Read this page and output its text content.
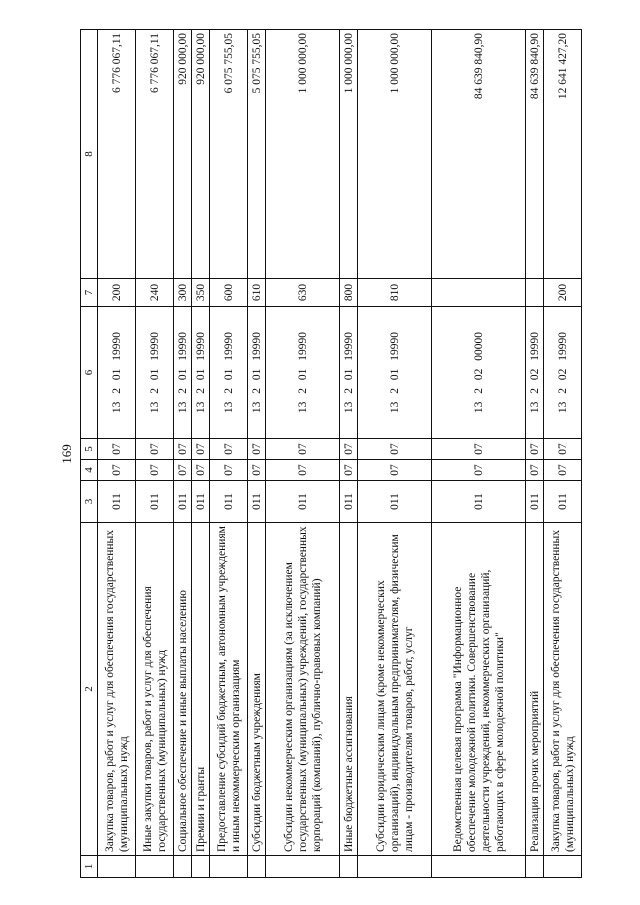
169
1	2	3	4	5	6	7	8
	Закупка товаров, работ и услуг для обеспечения государственных (муниципальных) нужд	011	07	07	13 2 01 19990	200	6 776 067,11
	Иные закупки товаров, работ и услуг для обеспечения государственных (муниципальных) нужд	011	07	07	13 2 01 19990	240	6 776 067,11
	Социальное обеспечение и иные выплаты населению	011	07	07	13 2 01 19990	300	920 000,00
	Премии и гранты	011	07	07	13 2 01 19990	350	920 000,00
	Предоставление субсидий бюджетным, автономным учреждениям и иным некоммерческим организациям	011	07	07	13 2 01 19990	600	6 075 755,05
	Субсидии бюджетным учреждениям	011	07	07	13 2 01 19990	610	5 075 755,05
	Субсидии некоммерческим организациям (за исключением государственных (муниципальных) учреждений, государственных корпораций (компаний), публично-правовых компаний)	011	07	07	13 2 01 19990	630	1 000 000,00
	Иные бюджетные ассигнования	011	07	07	13 2 01 19990	800	1 000 000,00
	Субсидии юридическим лицам (кроме некоммерческих организаций), индивидуальным предпринимателям, физическим лицам - производителям товаров, работ, услуг	011	07	07	13 2 01 19990	810	1 000 000,00
	Ведомственная целевая программа "Информационное обеспечение молодежной политики. Совершенствование деятельности учреждений, некоммерческих организаций, работающих в сфере молодежной политики"	011	07	07	13 2 02 00000		84 639 840,90
	Реализация прочих мероприятий	011	07	07	13 2 02 19990		84 639 840,90
	Закупка товаров, работ и услуг для обеспечения государственных (муниципальных) нужд	011	07	07	13 2 02 19990	200	12 641 427,20
